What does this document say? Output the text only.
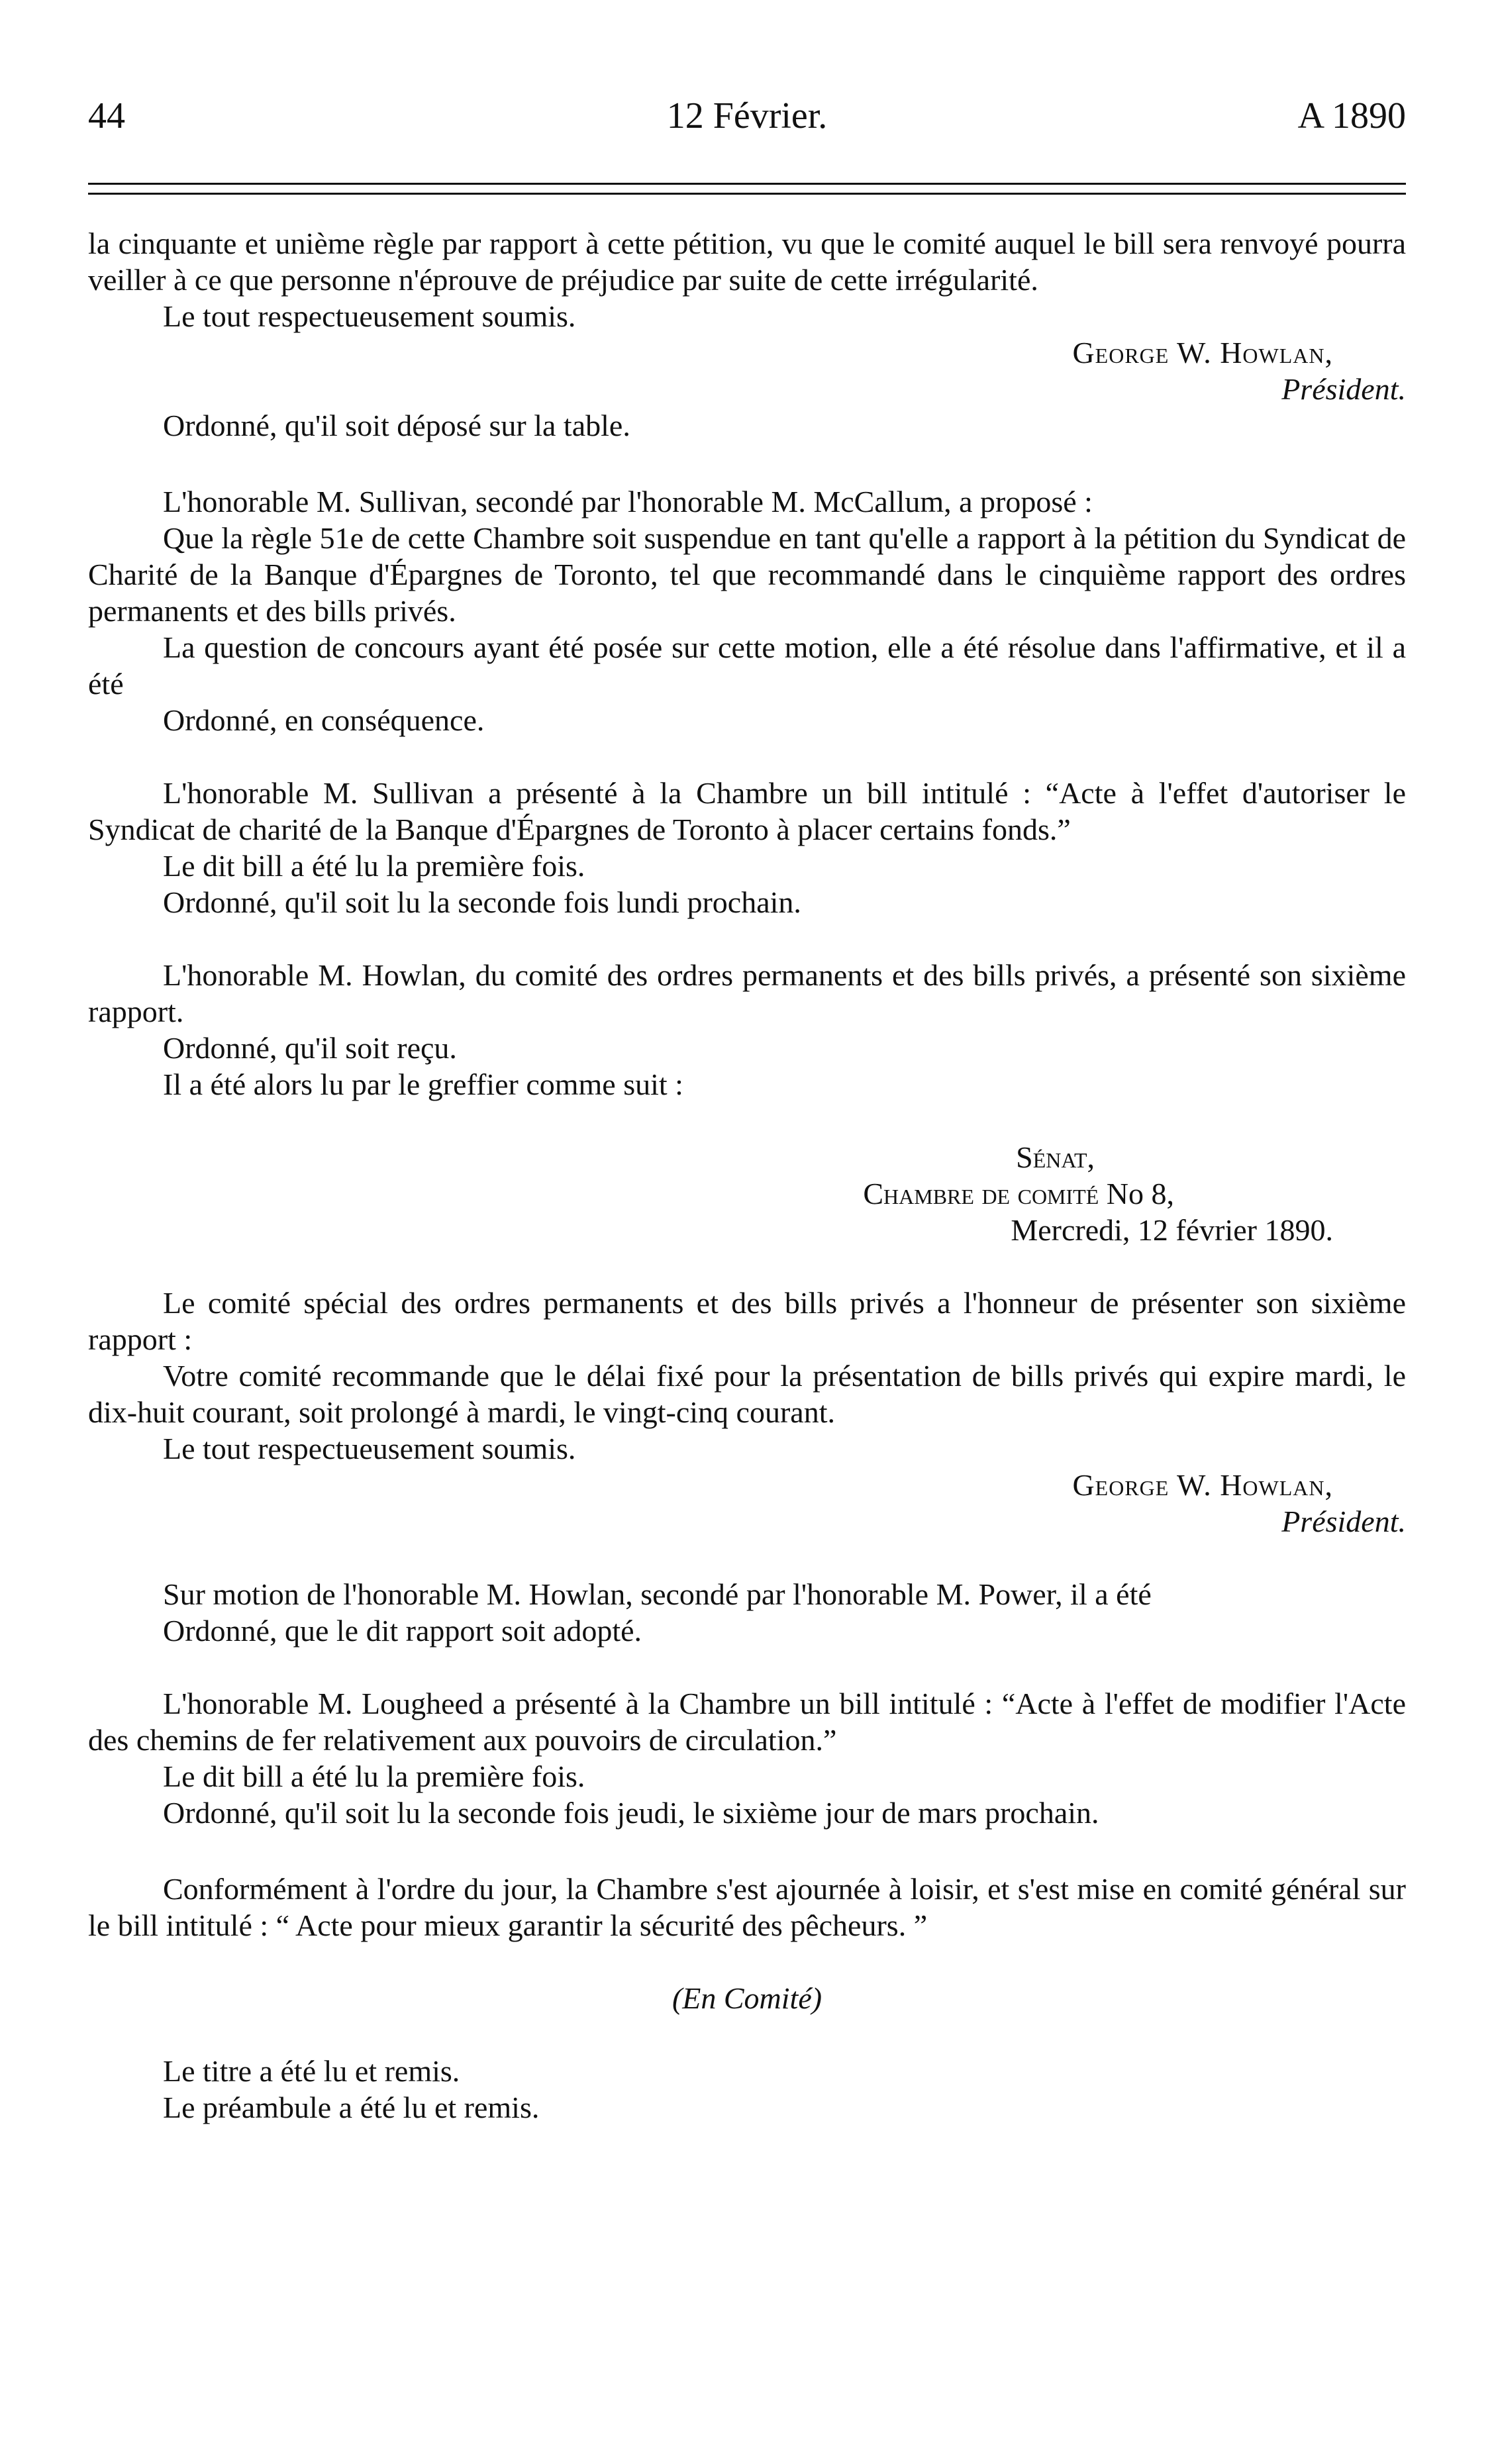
44	12 Février.	A 1890

la cinquante et unième règle par rapport à cette pétition, vu que le comité auquel le bill sera renvoyé pourra veiller à ce que personne n'éprouve de préjudice par suite de cette irrégularité.

Le tout respectueusement soumis.

George W. Howlan,
Président.

Ordonné, qu'il soit déposé sur la table.

L'honorable M. Sullivan, secondé par l'honorable M. McCallum, a proposé :

Que la règle 51e de cette Chambre soit suspendue en tant qu'elle a rapport à la pétition du Syndicat de Charité de la Banque d'Épargnes de Toronto, tel que recommandé dans le cinquième rapport des ordres permanents et des bills privés.

La question de concours ayant été posée sur cette motion, elle a été résolue dans l'affirmative, et il a été

Ordonné, en conséquence.

L'honorable M. Sullivan a présenté à la Chambre un bill intitulé : “Acte à l'effet d'autoriser le Syndicat de charité de la Banque d'Épargnes de Toronto à placer certains fonds.”

Le dit bill a été lu la première fois.

Ordonné, qu'il soit lu la seconde fois lundi prochain.

L'honorable M. Howlan, du comité des ordres permanents et des bills privés, a présenté son sixième rapport.

Ordonné, qu'il soit reçu.

Il a été alors lu par le greffier comme suit :

Sénat,
Chambre de comité No 8,
Mercredi, 12 février 1890.

Le comité spécial des ordres permanents et des bills privés a l'honneur de présenter son sixième rapport :

Votre comité recommande que le délai fixé pour la présentation de bills privés qui expire mardi, le dix-huit courant, soit prolongé à mardi, le vingt-cinq courant.

Le tout respectueusement soumis.

George W. Howlan,
Président.

Sur motion de l'honorable M. Howlan, secondé par l'honorable M. Power, il a été

Ordonné, que le dit rapport soit adopté.

L'honorable M. Lougheed a présenté à la Chambre un bill intitulé : “Acte à l'effet de modifier l'Acte des chemins de fer relativement aux pouvoirs de circulation.”

Le dit bill a été lu la première fois.

Ordonné, qu'il soit lu la seconde fois jeudi, le sixième jour de mars prochain.

Conformément à l'ordre du jour, la Chambre s'est ajournée à loisir, et s'est mise en comité général sur le bill intitulé : “ Acte pour mieux garantir la sécurité des pêcheurs. ”

(En Comité)

Le titre a été lu et remis.

Le préambule a été lu et remis.
